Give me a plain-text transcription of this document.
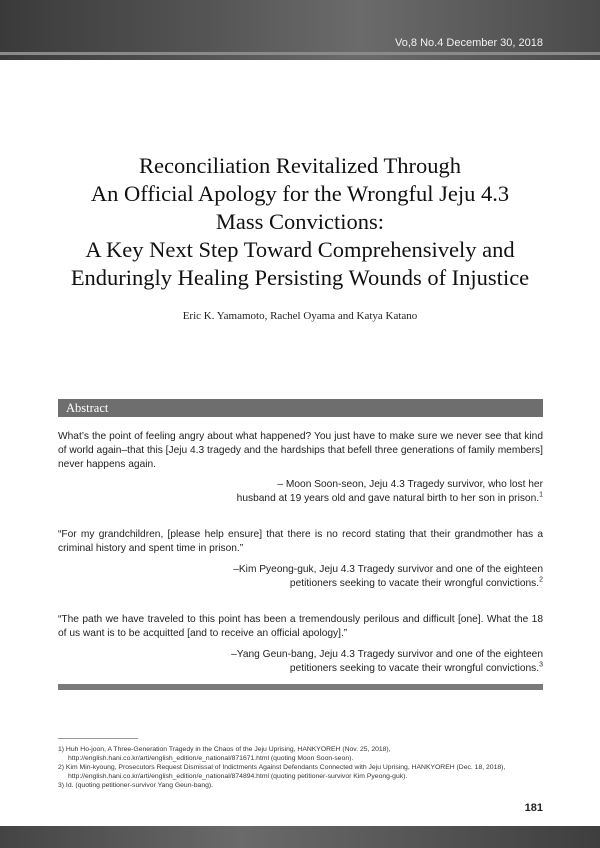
Vo,8 No.4 December 30, 2018
Reconciliation Revitalized Through
An Official Apology for the Wrongful Jeju 4.3
Mass Convictions:
A Key Next Step Toward Comprehensively and
Enduringly Healing Persisting Wounds of Injustice
Eric K. Yamamoto, Rachel Oyama and Katya Katano
Abstract

What’s the point of feeling angry about what happened? You just have to make sure we never see that kind of world again–that this [Jeju 4.3 tragedy and the hardships that befell three generations of family members] never happens again.

– Moon Soon-seon, Jeju 4.3 Tragedy survivor, who lost her
husband at 19 years old and gave natural birth to her son in prison.$^1$

“For my grandchildren, [please help ensure] that there is no record stating that their grandmother has a criminal history and spent time in prison.”

–Kim Pyeong-guk, Jeju 4.3 Tragedy survivor and one of the eighteen
petitioners seeking to vacate their wrongful convictions.$^2$

“The path we have traveled to this point has been a tremendously perilous and difficult [one]. What the 18 of us want is to be acquitted [and to receive an official apology].”

–Yang Geun-bang, Jeju 4.3 Tragedy survivor and one of the eighteen
petitioners seeking to vacate their wrongful convictions.$^3$

1) Huh Ho-joon, A Three-Generation Tragedy in the Chaos of the Jeju Uprising, HANKYOREH (Nov. 25, 2018), http://english.hani.co.kr/arti/english_edition/e_national/871671.html (quoting Moon Soon-seon).
2) Kim Min-kyoung, Prosecutors Request Dismissal of Indictments Against Defendants Connected with Jeju Uprising, HANKYOREH (Dec. 18, 2018), http://english.hani.co.kr/arti/english_edition/e_national/874894.html (quoting petitioner-survivor Kim Pyeong-guk).
3) Id. (quoting petitioner-survivor Yang Geun-bang).
181
